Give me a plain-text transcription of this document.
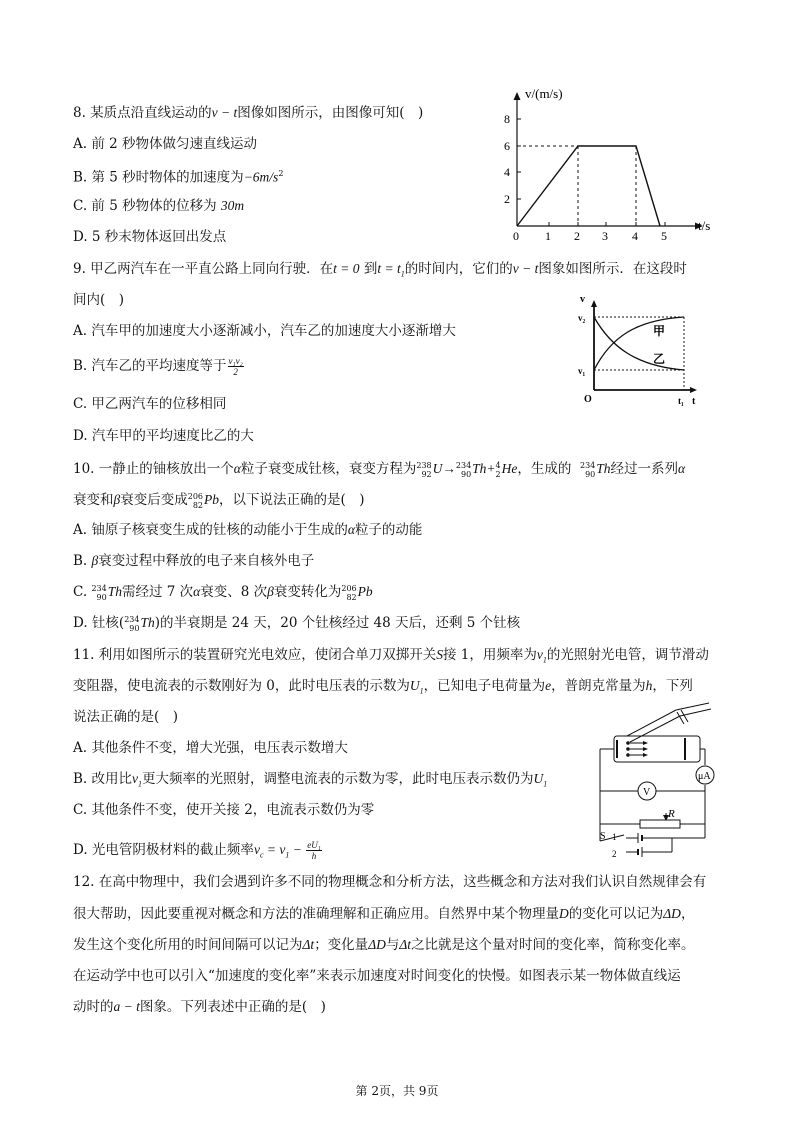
8. 某质点沿直线运动的v − t图像如图所示，由图像可知(　)
A. 前 2 秒物体做匀速直线运动
B. 第 5 秒时物体的加速度为$-6m/s^2$
C. 前 5 秒物体的位移为 30m
D. 5 秒末物体返回出发点
v/(m/s)
t/s
8
6
4
2
0 1 2 3 4 5
9. 甲乙两汽车在一平直公路上同向行驶．在t = 0 到$t = t_1$的时间内，它们的v − t图象如图所示．在这段时
间内(　)
A. 汽车甲的加速度大小逐渐减小，汽车乙的加速度大小逐渐增大
B. 汽车乙的平均速度等于 $\frac{\text{v₁v₂}}{2}$
C. 甲乙两汽车的位移相同
D. 汽车甲的平均速度比乙的大
v
v₂
v₁
O	t₁ t
甲
乙
10. 一静止的铀核放出一个α粒子衰变成钍核，衰变方程为 238
92 U→ 234
90 Th+ 4
2 He，生成的 234
90 Th经过一系列α
衰变和β衰变后变成 206
82 Pb，以下说法正确的是(　)
A. 铀原子核衰变生成的钍核的动能小于生成的α粒子的动能
B. β衰变过程中释放的电子来自核外电子
C. 234
90 Th需经过 7 次α衰变、8 次β衰变转化为 206
82 Pb
D. 钍核( 234
90 Th)的半衰期是 24 天，20 个钍核经过 48 天后，还剩 5 个钍核
11. 利用如图所示的装置研究光电效应，使闭合单刀双掷开关S接 1，用频率为$\nu_1$的光照射光电管，调节滑动
变阻器，使电流表的示数刚好为 0，此时电压表的示数为$U_1$，已知电子电荷量为e，普朗克常量为h，下列
说法正确的是(　)
A. 其他条件不变，增大光强，电压表示数增大
B. 改用比$\nu_1$更大频率的光照射，调整电流表的示数为零，此时电压表示数仍为$U_1$
C. 其他条件不变，使开关接 2，电流表示数仍为零
D. 光电管阴极材料的截止频率$\nu_c = \nu_1 - \frac{\text{eU₁}}{h}$
μA
V
R
S 1
2
12. 在高中物理中，我们会遇到许多不同的物理概念和分析方法，这些概念和方法对我们认识自然规律会有
很大帮助，因此要重视对概念和方法的准确理解和正确应用。自然界中某个物理量D的变化可以记为ΔD，
发生这个变化所用的时间间隔可以记为Δt；变化量ΔD与Δt之比就是这个量对时间的变化率，简称变化率。
在运动学中也可以引入“加速度的变化率”来表示加速度对时间变化的快慢。如图表示某一物体做直线运
动时的a − t图象。下列表述中正确的是(　)
第 2页，共 9页
